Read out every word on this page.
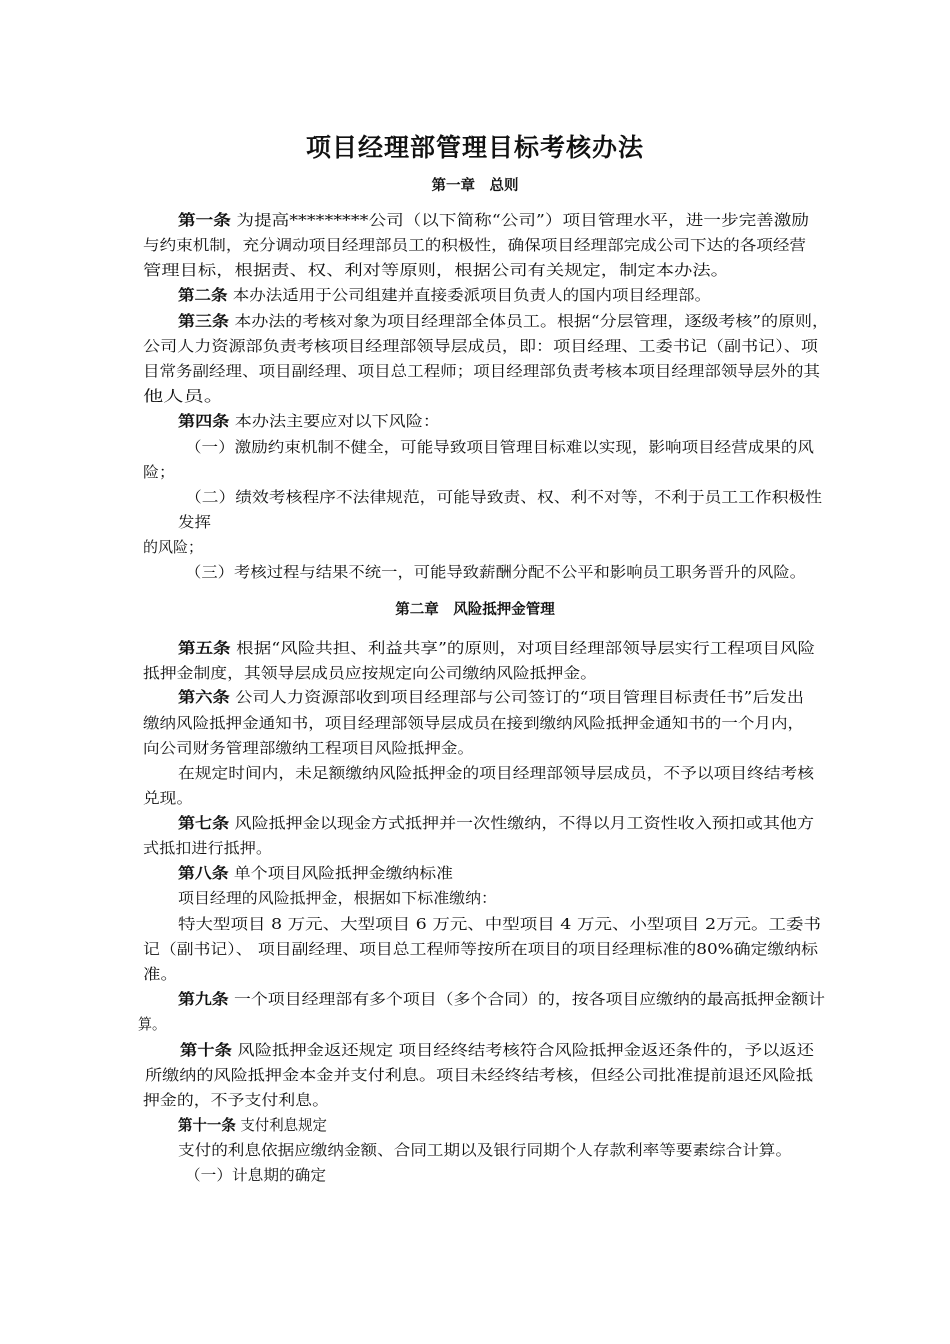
项目经理部管理目标考核办法
第一章　总则
第二章　风险抵押金管理
第一条 为提高*********公司（以下简称“公司”）项目管理水平，进一步完善激励
与约束机制，充分调动项目经理部员工的积极性，确保项目经理部完成公司下达的各项经营
管理目标，根据责、权、利对等原则，根据公司有关规定，制定本办法。
第二条 本办法适用于公司组建并直接委派项目负责人的国内项目经理部。
第三条 本办法的考核对象为项目经理部全体员工。根据“分层管理，逐级考核”的原则，
公司人力资源部负责考核项目经理部领导层成员，即：项目经理、工委书记（副书记）、项
目常务副经理、项目副经理、项目总工程师；项目经理部负责考核本项目经理部领导层外的其
他人员。
第四条 本办法主要应对以下风险：
（一）激励约束机制不健全，可能导致项目管理目标难以实现，影响项目经营成果的风
险；
（二）绩效考核程序不法律规范，可能导致责、权、利不对等，不利于员工工作积极性
发挥
的风险；
（三）考核过程与结果不统一，可能导致薪酬分配不公平和影响员工职务晋升的风险。
第五条 根据“风险共担、利益共享”的原则，对项目经理部领导层实行工程项目风险
抵押金制度，其领导层成员应按规定向公司缴纳风险抵押金。
第六条 公司人力资源部收到项目经理部与公司签订的“项目管理目标责任书”后发出
缴纳风险抵押金通知书，项目经理部领导层成员在接到缴纳风险抵押金通知书的一个月内，
向公司财务管理部缴纳工程项目风险抵押金。
在规定时间内，未足额缴纳风险抵押金的项目经理部领导层成员，不予以项目终结考核
兑现。
第七条 风险抵押金以现金方式抵押并一次性缴纳，不得以月工资性收入预扣或其他方
式抵扣进行抵押。
第八条 单个项目风险抵押金缴纳标准
项目经理的风险抵押金，根据如下标准缴纳：
特大型项目 8 万元、大型项目 6 万元、中型项目 4 万元、小型项目 2万元。工委书
记（副书记）、 项目副经理、项目总工程师等按所在项目的项目经理标准的80%确定缴纳标
准。
第九条 一个项目经理部有多个项目（多个合同）的，按各项目应缴纳的最高抵押金额计
算。
第十条 风险抵押金返还规定 项目经终结考核符合风险抵押金返还条件的，予以返还
所缴纳的风险抵押金本金并支付利息。项目未经终结考核，但经公司批准提前退还风险抵
押金的，不予支付利息。
第十一条 支付利息规定
支付的利息依据应缴纳金额、合同工期以及银行同期个人存款利率等要素综合计算。
（一）计息期的确定
